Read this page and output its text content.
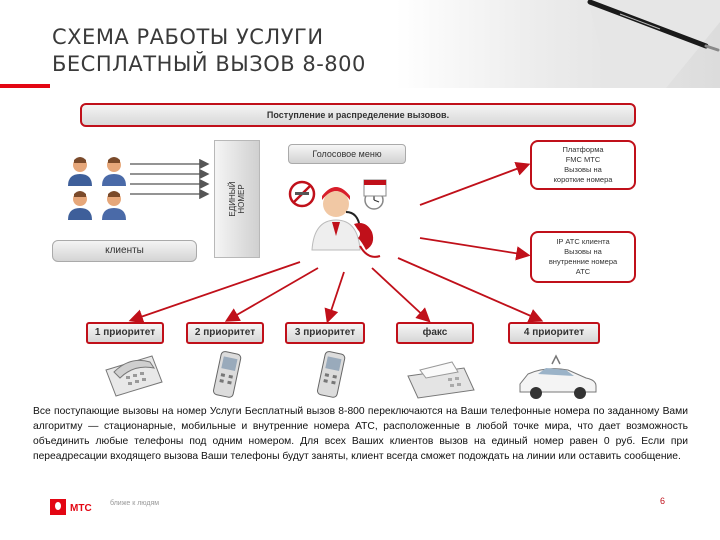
СХЕМА РАБОТЫ УСЛУГИ
БЕСПЛАТНЫЙ ВЫЗОВ 8-800
Поступление и распределение вызовов.
Голосовое меню
ЕДИНЫЙ НОМЕР
клиенты
Платформа
FMC МТС
Вызовы на
короткие номера
IP АТС клиента
Вызовы на
внутренние номера
АТС
1 приоритет	2 приоритет	3 приоритет	факс	4 приоритет
Все поступающие вызовы на номер Услуги Бесплатный вызов 8-800 переключаются на Ваши телефонные номера по заданному Вами алгоритму — стационарные, мобильные и внутренние номера АТС, расположенные в любой точке мира, что дает возможность объединить любые телефоны под одним номером. Для всех Ваших клиентов вызов на единый номер равен 0 руб. Если при переадресации входящего вызова Ваши телефоны будут заняты, клиент всегда сможет подождать на линии или оставить сообщение.
МТС	ближе к людям	6
